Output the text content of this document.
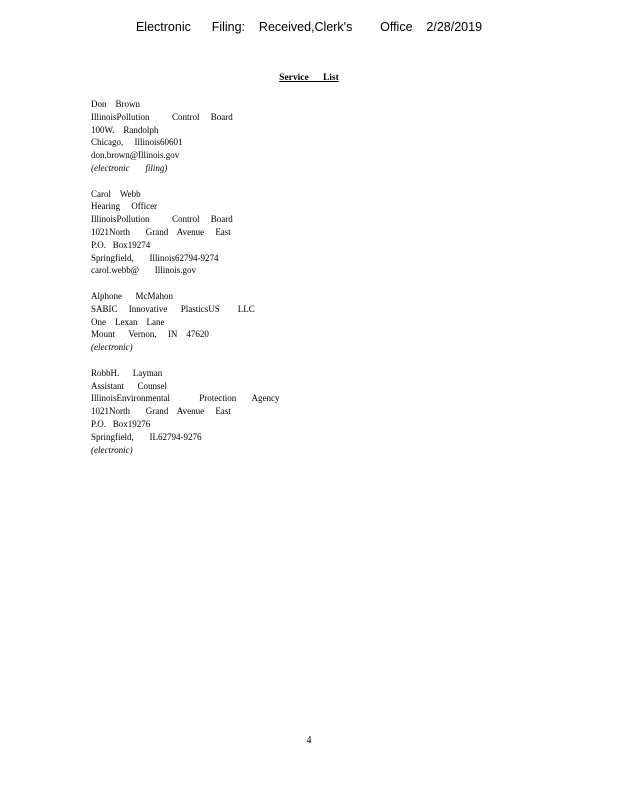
Electronic      Filing:    Received,Clerk's        Office    2/28/2019
Service      List
Don    Brown
IllinoisPollution          Control     Board
100W.    Randolph
Chicago,     Illinois60601
don.brown@Illinois.gov
(electronic       filing)
Carol    Webb
Hearing     Officer
IllinoisPollution          Control     Board
1021North       Grand    Avenue     East
P.O.   Box19274
Springfield,       Illinois62794-9274
carol.webb@       Illinois.gov
Alphone      McMahon
SABIC     Innovative      PlasticsUS        LLC
One    Lexan    Lane
Mount      Vernon,     IN    47620
(electronic)
RobbH.      Layman
Assistant      Counsel
IllinoisEnvironmental             Protection       Agency
1021North       Grand    Avenue     East
P.O.   Box19276
Springfield,       IL62794-9276
(electronic)
4
